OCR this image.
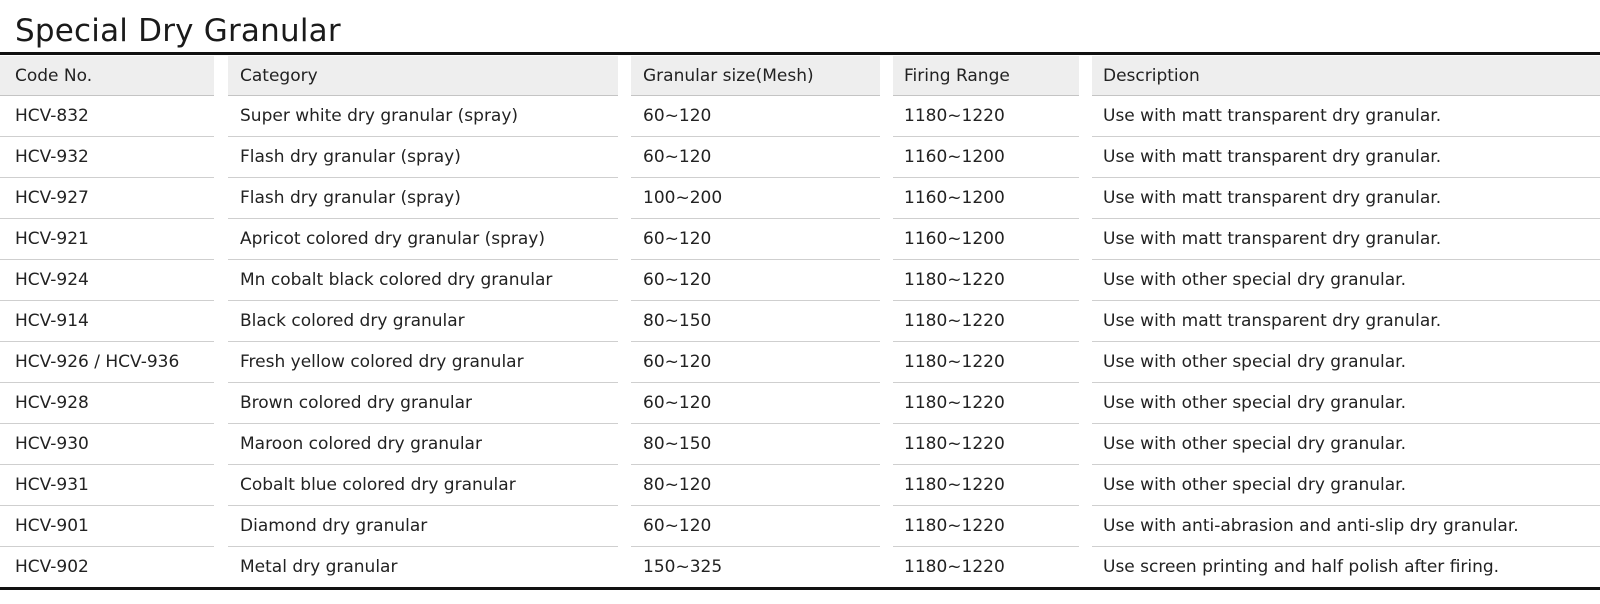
Special Dry Granular
Code No.
HCV-832
HCV-932
HCV-927
HCV-921
HCV-924
HCV-914
HCV-926 / HCV-936
HCV-928
HCV-930
HCV-931
HCV-901
HCV-902
Category
Super white dry granular (spray)
Flash dry granular (spray)
Flash dry granular (spray)
Apricot colored dry granular (spray)
Mn cobalt black colored dry granular
Black colored dry granular
Fresh yellow colored dry granular
Brown colored dry granular
Maroon colored dry granular
Cobalt blue colored dry granular
Diamond dry granular
Metal dry granular
Granular size(Mesh)
60~120
60~120
100~200
60~120
60~120
80~150
60~120
60~120
80~150
80~120
60~120
150~325
Firing Range
1180~1220
1160~1200
1160~1200
1160~1200
1180~1220
1180~1220
1180~1220
1180~1220
1180~1220
1180~1220
1180~1220
1180~1220
Description
Use with matt transparent dry granular.
Use with matt transparent dry granular.
Use with matt transparent dry granular.
Use with matt transparent dry granular.
Use with other special dry granular.
Use with matt transparent dry granular.
Use with other special dry granular.
Use with other special dry granular.
Use with other special dry granular.
Use with other special dry granular.
Use with anti-abrasion and anti-slip dry granular.
Use screen printing and half polish after firing.
